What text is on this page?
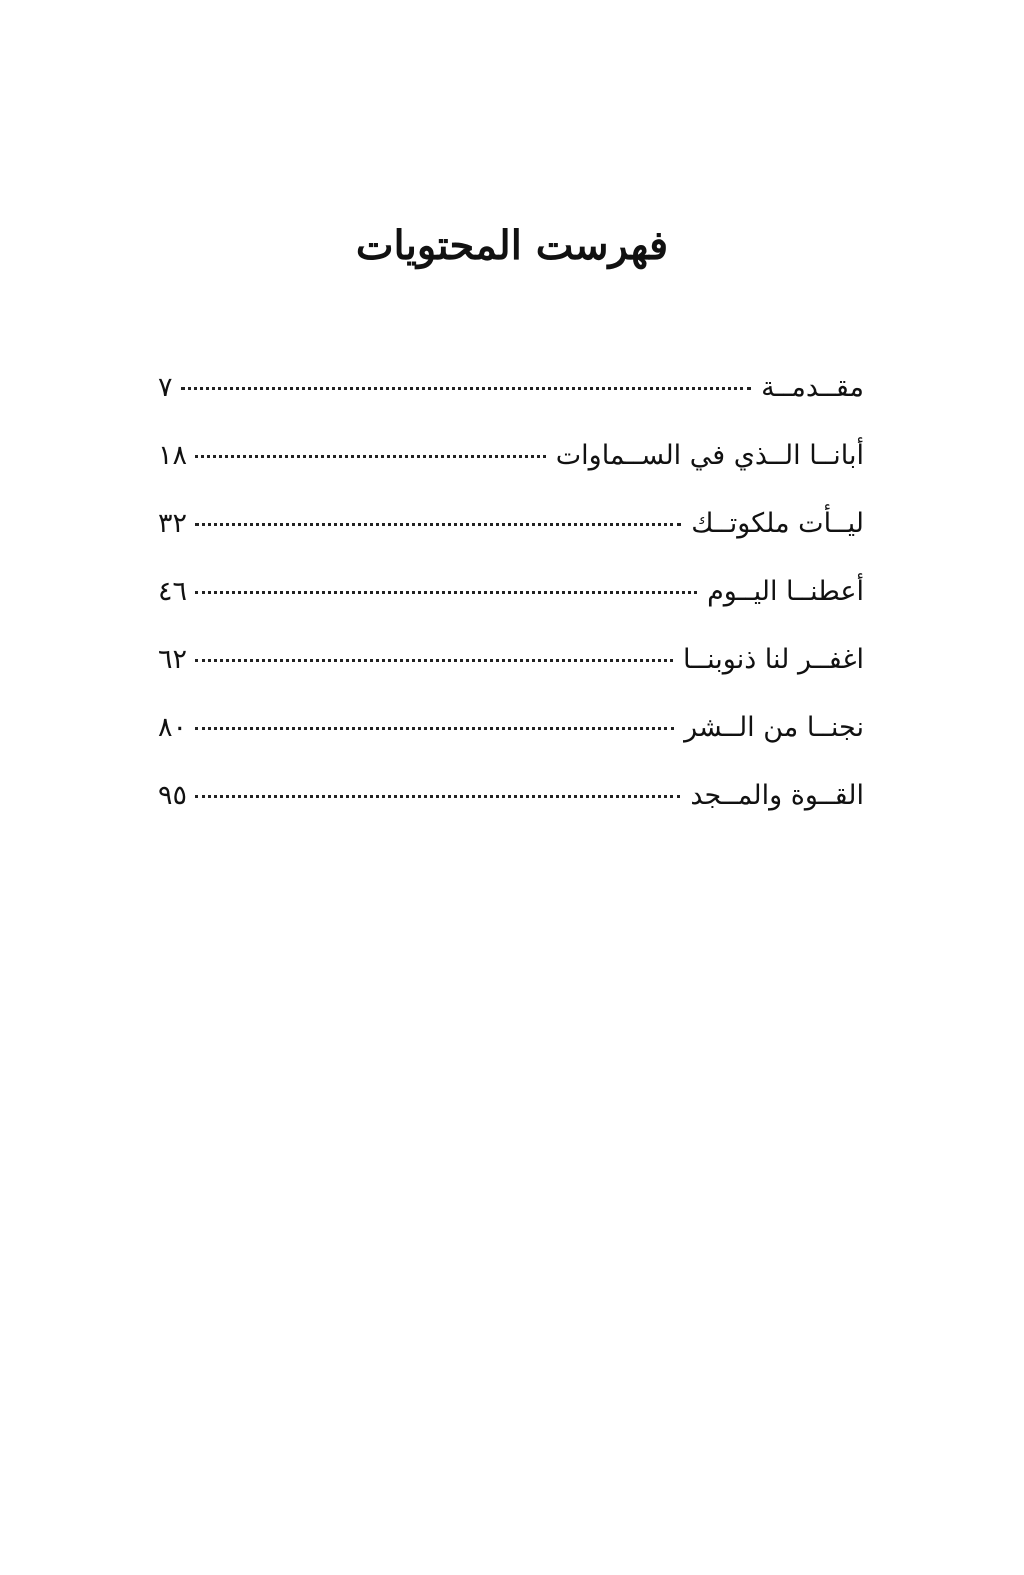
فهرست المحتويات
مقــدمــة
٧
أبانــا الــذي في الســماوات
١٨
ليــأت ملكوتــك
٣٢
أعطنــا اليــوم
٤٦
اغفــر لنا ذنوبنــا
٦٢
نجنــا من الــشر
٨٠
القــوة والمــجد
٩٥
